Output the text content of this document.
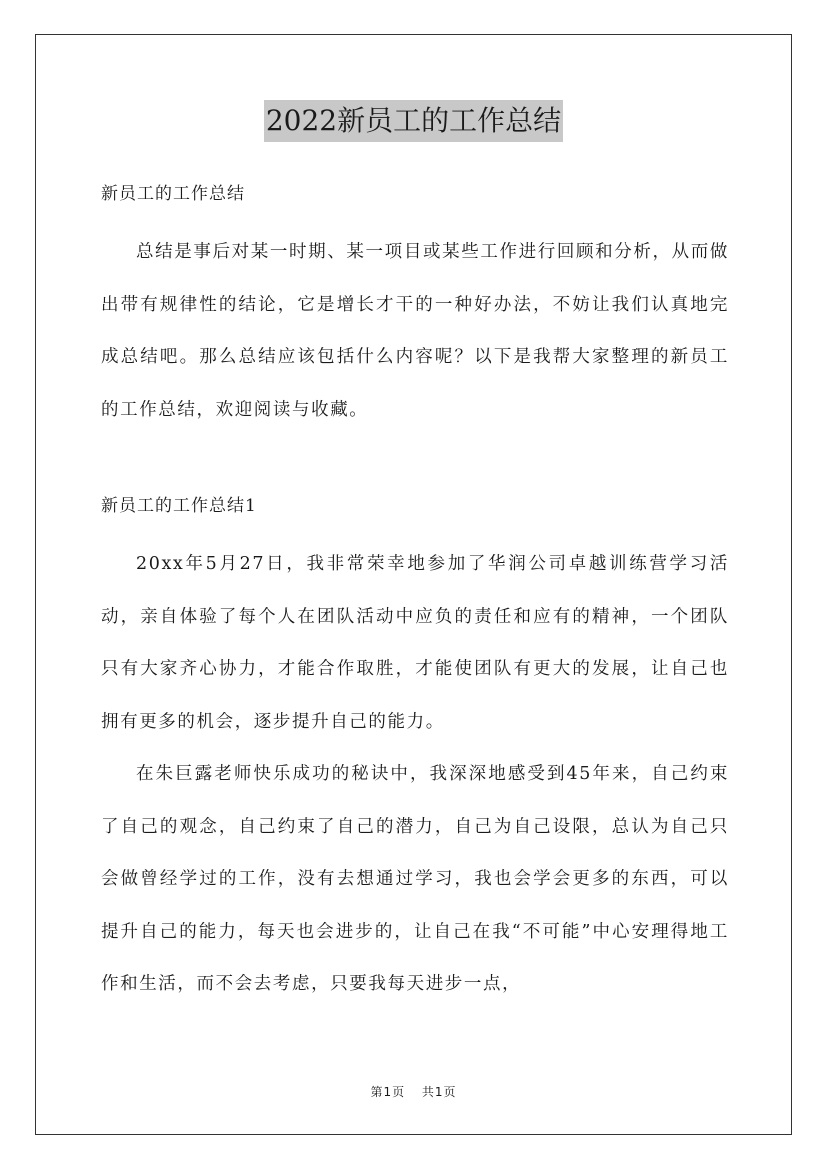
2022新员工的工作总结

新员工的工作总结

总结是事后对某一时期、某一项目或某些工作进行回顾和分析，从而做出带有规律性的结论，它是增长才干的一种好办法，不妨让我们认真地完成总结吧。那么总结应该包括什么内容呢？以下是我帮大家整理的新员工的工作总结，欢迎阅读与收藏。

新员工的工作总结1

20xx年5月27日，我非常荣幸地参加了华润公司卓越训练营学习活动，亲自体验了每个人在团队活动中应负的责任和应有的精神，一个团队只有大家齐心协力，才能合作取胜，才能使团队有更大的发展，让自己也拥有更多的机会，逐步提升自己的能力。

在朱巨露老师快乐成功的秘诀中，我深深地感受到45年来，自己约束了自己的观念，自己约束了自己的潜力，自己为自己设限，总认为自己只会做曾经学过的工作，没有去想通过学习，我也会学会更多的东西，可以提升自己的能力，每天也会进步的，让自己在我“不可能”中心安理得地工作和生活，而不会去考虑，只要我每天进步一点，

第1页 共1页
